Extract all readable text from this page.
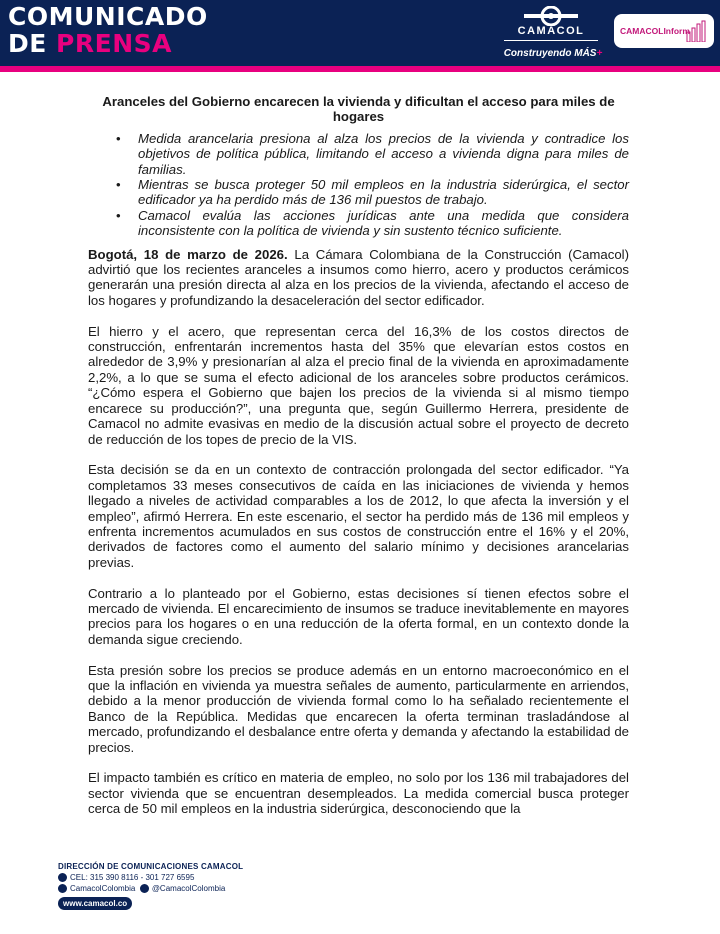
COMUNICADO
DE PRENSA	CAMACOL
Construyendo MÁS+
CAMACOLInform
Aranceles del Gobierno encarecen la vivienda y dificultan el acceso para miles de hogares
• Medida arancelaria presiona al alza los precios de la vivienda y contradice los objetivos de política pública, limitando el acceso a vivienda digna para miles de familias.
• Mientras se busca proteger 50 mil empleos en la industria siderúrgica, el sector edificador ya ha perdido más de 136 mil puestos de trabajo.
• Camacol evalúa las acciones jurídicas ante una medida que considera inconsistente con la política de vivienda y sin sustento técnico suficiente.

Bogotá, 18 de marzo de 2026. La Cámara Colombiana de la Construcción (Camacol) advirtió que los recientes aranceles a insumos como hierro, acero y productos cerámicos generarán una presión directa al alza en los precios de la vivienda, afectando el acceso de los hogares y profundizando la desaceleración del sector edificador.

El hierro y el acero, que representan cerca del 16,3% de los costos directos de construcción, enfrentarán incrementos hasta del 35% que elevarían estos costos en alrededor de 3,9% y presionarían al alza el precio final de la vivienda en aproximadamente 2,2%, a lo que se suma el efecto adicional de los aranceles sobre productos cerámicos. “¿Cómo espera el Gobierno que bajen los precios de la vivienda si al mismo tiempo encarece su producción?”, una pregunta que, según Guillermo Herrera, presidente de Camacol no admite evasivas en medio de la discusión actual sobre el proyecto de decreto de reducción de los topes de precio de la VIS.

Esta decisión se da en un contexto de contracción prolongada del sector edificador. “Ya completamos 33 meses consecutivos de caída en las iniciaciones de vivienda y hemos llegado a niveles de actividad comparables a los de 2012, lo que afecta la inversión y el empleo”, afirmó Herrera. En este escenario, el sector ha perdido más de 136 mil empleos y enfrenta incrementos acumulados en sus costos de construcción entre el 16% y el 20%, derivados de factores como el aumento del salario mínimo y decisiones arancelarias previas.

Contrario a lo planteado por el Gobierno, estas decisiones sí tienen efectos sobre el mercado de vivienda. El encarecimiento de insumos se traduce inevitablemente en mayores precios para los hogares o en una reducción de la oferta formal, en un contexto donde la demanda sigue creciendo.

Esta presión sobre los precios se produce además en un entorno macroeconómico en el que la inflación en vivienda ya muestra señales de aumento, particularmente en arriendos, debido a la menor producción de vivienda formal como lo ha señalado recientemente el Banco de la República. Medidas que encarecen la oferta terminan trasladándose al mercado, profundizando el desbalance entre oferta y demanda y afectando la estabilidad de precios.

El impacto también es crítico en materia de empleo, no solo por los 136 mil trabajadores del sector vivienda que se encuentran desempleados. La medida comercial busca proteger cerca de 50 mil empleos en la industria siderúrgica, desconociendo que la

DIRECCIÓN DE COMUNICACIONES CAMACOL
CEL: 315 390 8116 - 301 727 6595
CamacolColombia
@CamacolColombia
www.camacol.co
